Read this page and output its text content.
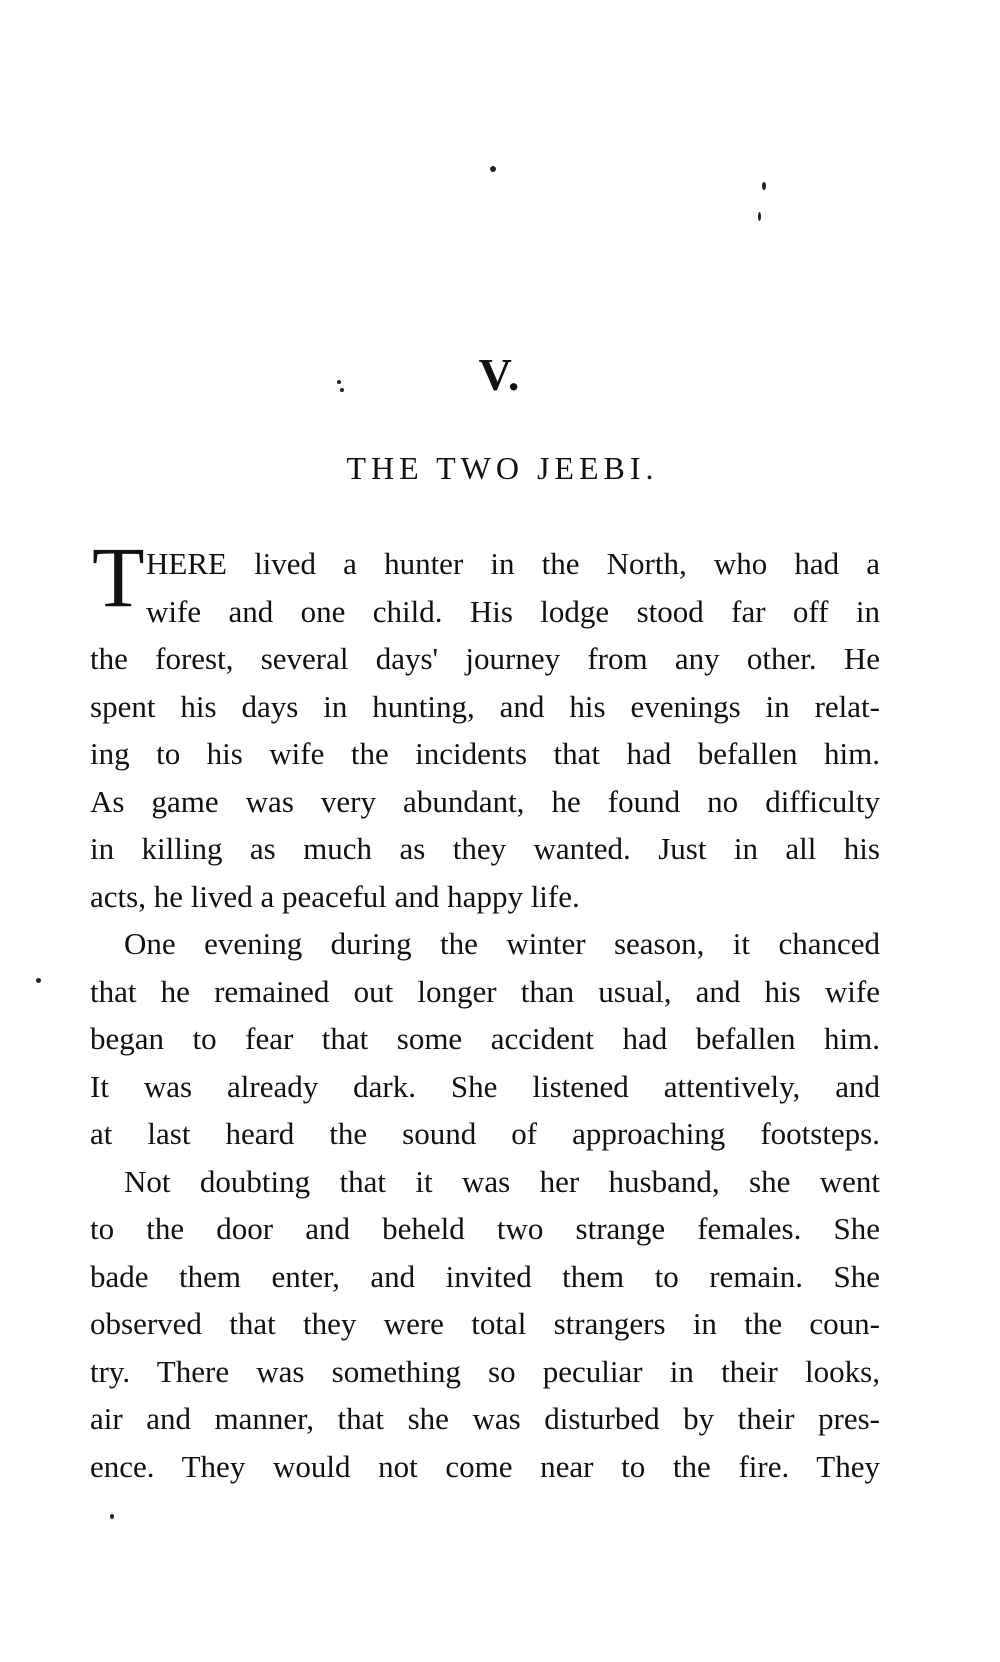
V.
THE TWO JEEBI.
T HERE lived a hunter in the North, who had a
wife and one child. His lodge stood far off in
the forest, several days' journey from any other. He
spent his days in hunting, and his evenings in relat-
ing to his wife the incidents that had befallen him.
As game was very abundant, he found no difficulty
in killing as much as they wanted. Just in all his
acts, he lived a peaceful and happy life.
One evening during the winter season, it chanced
that he remained out longer than usual, and his wife
began to fear that some accident had befallen him.
It was already dark. She listened attentively, and
at last heard the sound of approaching footsteps.
Not doubting that it was her husband, she went
to the door and beheld two strange females. She
bade them enter, and invited them to remain. She
observed that they were total strangers in the coun-
try. There was something so peculiar in their looks,
air and manner, that she was disturbed by their pres-
ence. They would not come near to the fire. They
